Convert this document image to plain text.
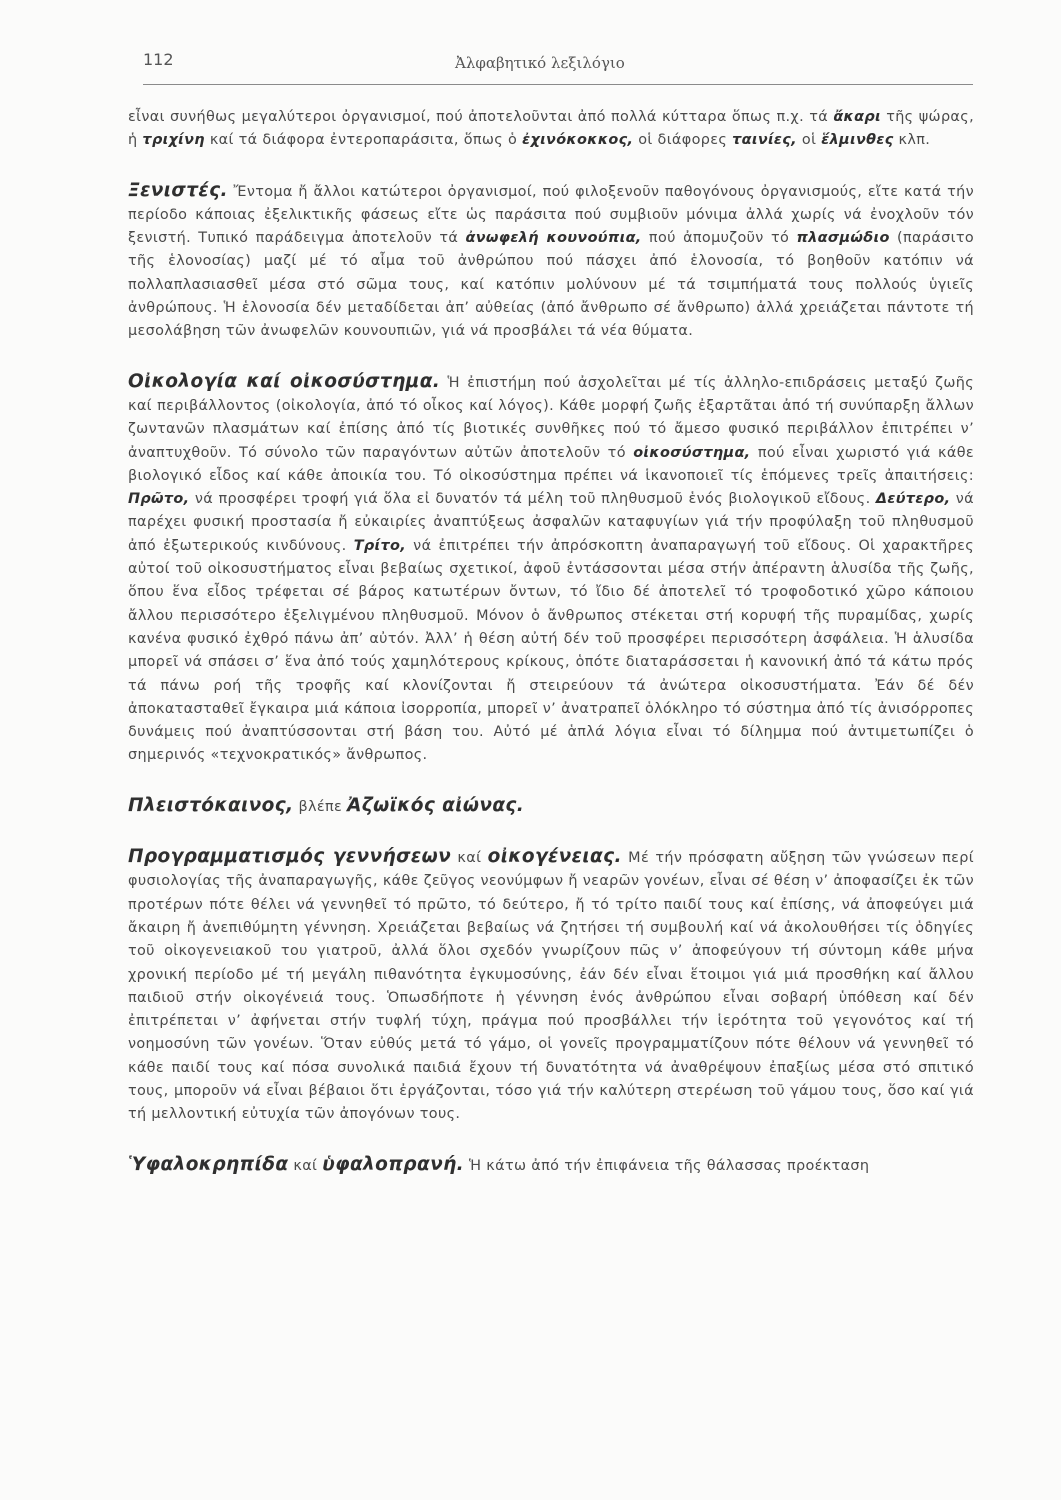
112	Ἀλφαβητικό λεξιλόγιο

εἶναι συνήθως μεγαλύτεροι ὀργανισμοί, πού ἀποτελοῦνται ἀπό πολλά κύτταρα ὅπως π.χ. τά ἄκαρι τῆς ψώρας, ἡ τριχίνη καί τά διάφορα ἐντεροπαράσιτα, ὅπως ὁ ἐχινόκοκκος, οἱ διάφορες ταινίες, οἱ ἕλμινθες κλπ.

Ξενιστές. Ἔντομα ἤ ἄλλοι κατώτεροι ὀργανισμοί, πού φιλοξενοῦν παθογόνους ὀργανισμούς, εἴτε κατά τήν περίοδο κάποιας ἐξελικτικῆς φάσεως εἴτε ὡς παράσιτα πού συμβιοῦν μόνιμα ἀλλά χωρίς νά ἐνοχλοῦν τόν ξενιστή. Τυπικό παράδειγμα ἀποτελοῦν τά ἀνωφελή κουνούπια, πού ἀπομυζοῦν τό πλασμώδιο (παράσιτο τῆς ἑλονοσίας) μαζί μέ τό αἷμα τοῦ ἀνθρώπου πού πάσχει ἀπό ἑλονοσία, τό βοηθοῦν κατόπιν νά πολλαπλασιασθεῖ μέσα στό σῶμα τους, καί κατόπιν μολύνουν μέ τά τσιμπήματά τους πολλούς ὑγιεῖς ἀνθρώπους. Ἡ ἑλονοσία δέν μεταδίδεται ἀπ’ αὐθείας (ἀπό ἄνθρωπο σέ ἄνθρωπο) ἀλλά χρειάζεται πάντοτε τή μεσολάβηση τῶν ἀνωφελῶν κουνουπιῶν, γιά νά προσβάλει τά νέα θύματα.

Οἰκολογία καί οἰκοσύστημα. Ἡ ἐπιστήμη πού ἀσχολεῖται μέ τίς ἀλληλο-επιδράσεις μεταξύ ζωῆς καί περιβάλλοντος (οἰκολογία, ἀπό τό οἶκος καί λόγος). Κάθε μορφή ζωῆς ἐξαρτᾶται ἀπό τή συνύπαρξη ἄλλων ζωντανῶν πλασμάτων καί ἐπίσης ἀπό τίς βιοτικές συνθῆκες πού τό ἄμεσο φυσικό περιβάλλον ἐπιτρέπει ν’ ἀναπτυχθοῦν. Τό σύνολο τῶν παραγόντων αὐτῶν ἀποτελοῦν τό οἰκοσύστημα, πού εἶναι χωριστό γιά κάθε βιολογικό εἶδος καί κάθε ἀποικία του. Τό οἰκοσύστημα πρέπει νά ἱκανοποιεῖ τίς ἑπόμενες τρεῖς ἀπαιτήσεις: Πρῶτο, νά προσφέρει τροφή γιά ὅλα εἰ δυνατόν τά μέλη τοῦ πληθυσμοῦ ἑνός βιολογικοῦ εἴδους. Δεύτερο, νά παρέχει φυσική προστασία ἤ εὐκαιρίες ἀναπτύξεως ἀσφαλῶν καταφυγίων γιά τήν προφύλαξη τοῦ πληθυσμοῦ ἀπό ἐξωτερικούς κινδύνους. Τρίτο, νά ἐπιτρέπει τήν ἀπρόσκοπτη ἀναπαραγωγή τοῦ εἴδους. Οἱ χαρακτῆρες αὐτοί τοῦ οἰκοσυστήματος εἶναι βεβαίως σχετικοί, ἀφοῦ ἐντάσσονται μέσα στήν ἀπέραντη ἁλυσίδα τῆς ζωῆς, ὅπου ἕνα εἶδος τρέφεται σέ βάρος κατωτέρων ὄντων, τό ἴδιο δέ ἀποτελεῖ τό τροφοδοτικό χῶρο κάποιου ἄλλου περισσότερο ἐξελιγμένου πληθυσμοῦ. Μόνον ὁ ἄνθρωπος στέκεται στή κορυφή τῆς πυραμίδας, χωρίς κανένα φυσικό ἐχθρό πάνω ἀπ’ αὐτόν. Ἀλλ’ ἡ θέση αὐτή δέν τοῦ προσφέρει περισσότερη ἀσφάλεια. Ἡ ἁλυσίδα μπορεῖ νά σπάσει σ’ ἕνα ἀπό τούς χαμηλότερους κρίκους, ὁπότε διαταράσσεται ἡ κανονική ἀπό τά κάτω πρός τά πάνω ροή τῆς τροφῆς καί κλονίζονται ἤ στειρεύουν τά ἀνώτερα οἰκοσυστήματα. Ἐάν δέ δέν ἀποκατασταθεῖ ἔγκαιρα μιά κάποια ἰσορροπία, μπορεῖ ν’ ἀνατραπεῖ ὁλόκληρο τό σύστημα ἀπό τίς ἀνισόρροπες δυνάμεις πού ἀναπτύσσονται στή βάση του. Αὐτό μέ ἁπλά λόγια εἶναι τό δίλημμα πού ἀντιμετωπίζει ὁ σημερινός «τεχνοκρατικός» ἄνθρωπος.

Πλειστόκαινος, βλέπε Ἀζωϊκός αἰώνας.

Προγραμματισμός γεννήσεων καί οἰκογένειας. Μέ τήν πρόσφατη αὔξηση τῶν γνώσεων περί φυσιολογίας τῆς ἀναπαραγωγῆς, κάθε ζεῦγος νεονύμφων ἤ νεαρῶν γονέων, εἶναι σέ θέση ν’ ἀποφασίζει ἐκ τῶν προτέρων πότε θέλει νά γεννηθεῖ τό πρῶτο, τό δεύτερο, ἤ τό τρίτο παιδί τους καί ἐπίσης, νά ἀποφεύγει μιά ἄκαιρη ἤ ἀνεπιθύμητη γέννηση. Χρειάζεται βεβαίως νά ζητήσει τή συμβουλή καί νά ἀκολουθήσει τίς ὁδηγίες τοῦ οἰκογενειακοῦ του γιατροῦ, ἀλλά ὅλοι σχεδόν γνωρίζουν πῶς ν’ ἀποφεύγουν τή σύντομη κάθε μήνα χρονική περίοδο μέ τή μεγάλη πιθανότητα ἐγκυμοσύνης, ἐάν δέν εἶναι ἕτοιμοι γιά μιά προσθήκη καί ἄλλου παιδιοῦ στήν οἰκογένειά τους. Ὁπωσδήποτε ἡ γέννηση ἑνός ἀνθρώπου εἶναι σοβαρή ὑπόθεση καί δέν ἐπιτρέπεται ν’ ἀφήνεται στήν τυφλή τύχη, πράγμα πού προσβάλλει τήν ἱερότητα τοῦ γεγονότος καί τή νοημοσύνη τῶν γονέων. Ὅταν εὐθύς μετά τό γάμο, οἱ γονεῖς προγραμματίζουν πότε θέλουν νά γεννηθεῖ τό κάθε παιδί τους καί πόσα συνολικά παιδιά ἔχουν τή δυνατότητα νά ἀναθρέψουν ἐπαξίως μέσα στό σπιτικό τους, μποροῦν νά εἶναι βέβαιοι ὅτι ἐργάζονται, τόσο γιά τήν καλύτερη στερέωση τοῦ γάμου τους, ὅσο καί γιά τή μελλοντική εὐτυχία τῶν ἀπογόνων τους.

Ὑφαλοκρηπίδα καί ὑφαλοπρανή. Ἡ κάτω ἀπό τήν ἐπιφάνεια τῆς θάλασσας προέκταση
